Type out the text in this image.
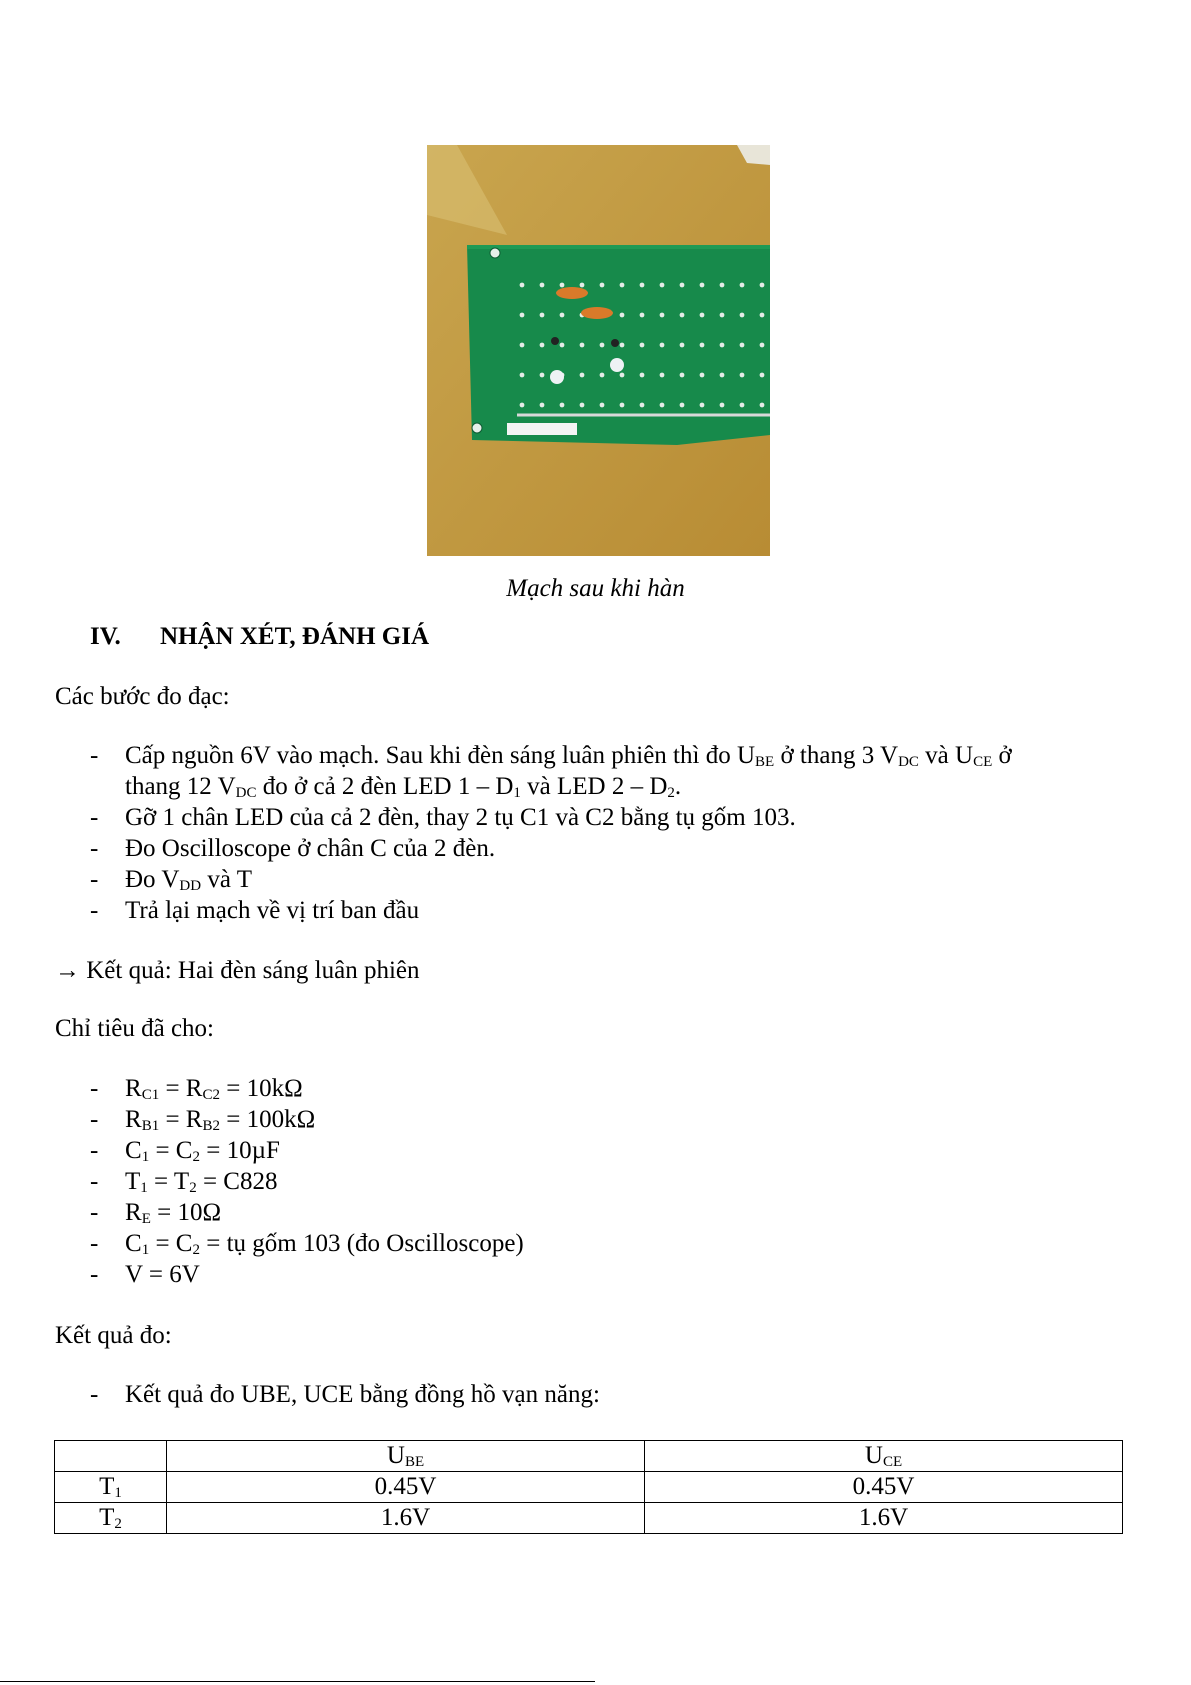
Mạch sau khi hàn
IV. NHẬN XÉT, ĐÁNH GIÁ
Các bước đo đạc:
- Cấp nguồn 6V vào mạch. Sau khi đèn sáng luân phiên thì đo $U_{BE}$ ở thang 3 $V_{DC}$ và $U_{CE}$ ở
thang 12 $V_{DC}$ đo ở cả 2 đèn LED $1 - D_1$ và LED $2 - D_2$.
- Gỡ 1 chân LED của cả 2 đèn, thay 2 tụ C1 và C2 bằng tụ gốm 103.
- Đo Oscilloscope ở chân C của 2 đèn.
- Đo $V_{DD}$ và T
- Trả lại mạch về vị trí ban đầu
→ Kết quả: Hai đèn sáng luân phiên
Chỉ tiêu đã cho:
- $R_{C1} = R_{C2} = 10k\Omega$
- $R_{B1} = R_{B2} = 100k\Omega$
- $C_1 = C_2 = 10\mu F$
- $T_1 = T_2 = C828$
- $R_E = 10\Omega$
- $C_1 = C_2$ = tụ gốm 103 (đo Oscilloscope)
- V = 6V
Kết quả đo:
- Kết quả đo UBE, UCE bằng đồng hồ vạn năng:
	$U_{BE}$	$U_{CE}$
$T_1$	0.45V	0.45V
$T_2$	1.6V	1.6V
